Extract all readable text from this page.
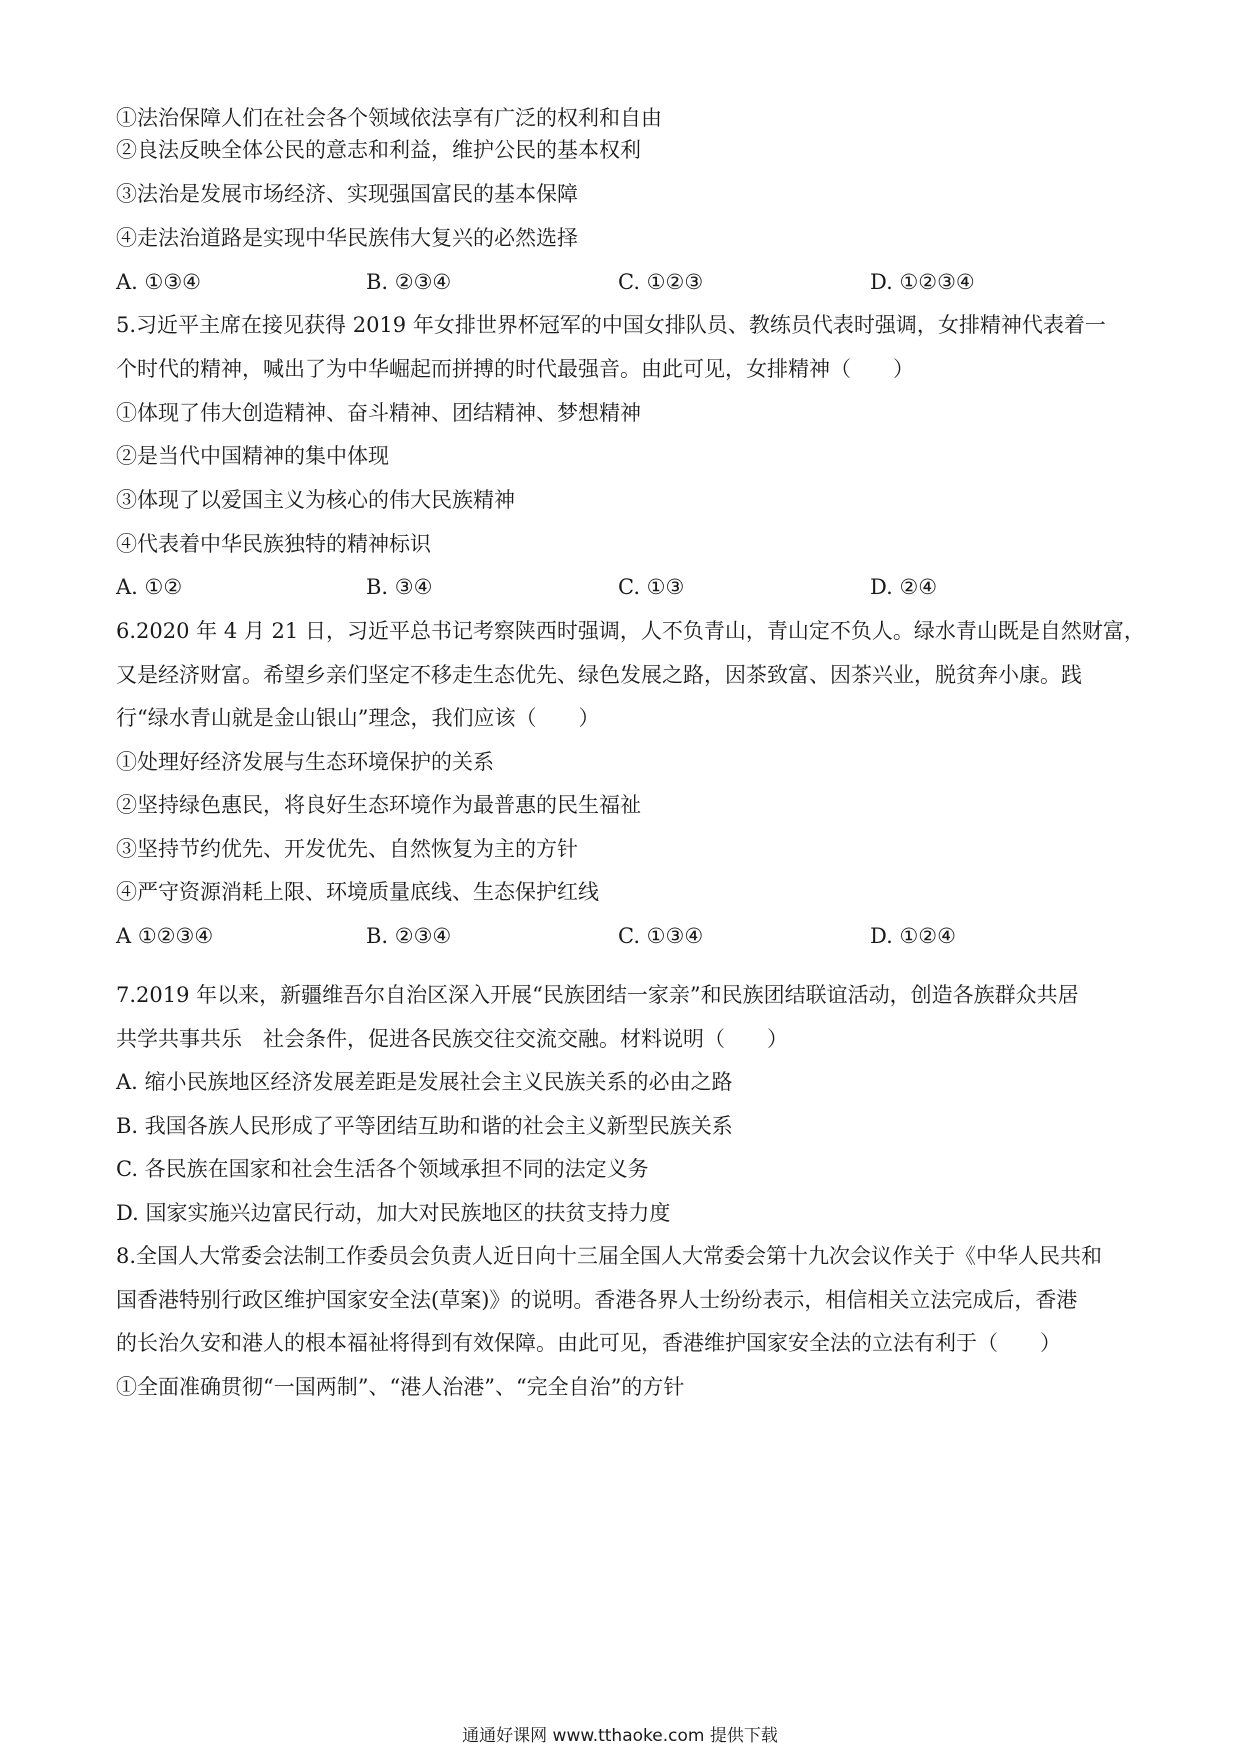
①法治保障人们在社会各个领域依法享有广泛的权利和自由
②良法反映全体公民的意志和利益，维护公民的基本权利
③法治是发展市场经济、实现强国富民的基本保障
④走法治道路是实现中华民族伟大复兴的必然选择
A. ①③④	B. ②③④	C. ①②③	D. ①②③④
5.习近平主席在接见获得 2019 年女排世界杯冠军的中国女排队员、教练员代表时强调，女排精神代表着一
个时代的精神，喊出了为中华崛起而拼搏的时代最强音。由此可见，女排精神（　　）
①体现了伟大创造精神、奋斗精神、团结精神、梦想精神
②是当代中国精神的集中体现
③体现了以爱国主义为核心的伟大民族精神
④代表着中华民族独特的精神标识
A. ①②	B. ③④	C. ①③	D. ②④
6.2020 年 4 月 21 日，习近平总书记考察陕西时强调，人不负青山，青山定不负人。绿水青山既是自然财富，
又是经济财富。希望乡亲们坚定不移走生态优先、绿色发展之路，因茶致富、因茶兴业，脱贫奔小康。践
行“绿水青山就是金山银山”理念，我们应该（　　）
①处理好经济发展与生态环境保护的关系
②坚持绿色惠民，将良好生态环境作为最普惠的民生福祉
③坚持节约优先、开发优先、自然恢复为主的方针
④严守资源消耗上限、环境质量底线、生态保护红线
A ①②③④	B. ②③④	C. ①③④	D. ①②④
7.2019 年以来，新疆维吾尔自治区深入开展“民族团结一家亲”和民族团结联谊活动，创造各族群众共居
共学共事共乐　社会条件，促进各民族交往交流交融。材料说明（　　）
A. 缩小民族地区经济发展差距是发展社会主义民族关系的必由之路
B. 我国各族人民形成了平等团结互助和谐的社会主义新型民族关系
C. 各民族在国家和社会生活各个领域承担不同的法定义务
D. 国家实施兴边富民行动，加大对民族地区的扶贫支持力度
8.全国人大常委会法制工作委员会负责人近日向十三届全国人大常委会第十九次会议作关于《中华人民共和
国香港特别行政区维护国家安全法(草案)》的说明。香港各界人士纷纷表示，相信相关立法完成后，香港
的长治久安和港人的根本福祉将得到有效保障。由此可见，香港维护国家安全法的立法有利于（　　）
①全面准确贯彻“一国两制”、“港人治港”、“完全自治”的方针
通通好课网 www.tthaoke.com 提供下载
